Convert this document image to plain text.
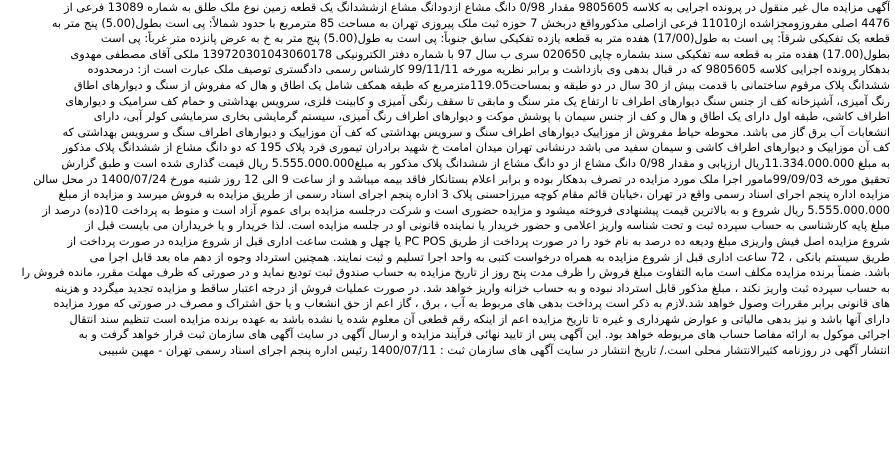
آگهی مزایده مال غیر منقول در پرونده اجرایی به کلاسه 9805605 مقدار 0/98 دانگ مشاع ازدودانگ مشاع ازششدانگ یک قطعه زمین نوع ملک طلق به شماره 13089 فرعی از
4476 اصلی مفروزومجزاشده از11010 فرعی ازاصلی مذکورواقع دربخش 7 حوزه ثبت ملک پیروزی تهران به مساحت 85 مترمربع با حدود شمالاً: پی است بطول(5.00) پنج متر به
قطعه یک تفکیکی شرقاً: پی است به طول(17/00) هفده متر به قطعه یازده تفکیکی سابق جنوباً: پی است به طول(5.00) پنج متر به خ به عرض پانزده متر غرباً: پی است
بطول(17.00) هفده متر به قطعه سه تفکیکی سند بشماره چاپی 020650 سری ب سال 97 با شماره دفتر الکترونیکی 139720301043060178 ملکی آقای مصطفی مهدوی
بدهکار پرونده اجرایی کلاسه 9805605 که در قبال بدهی وی بازداشت و برابر نظریه مورخه 99/11/11 کارشناس رسمی دادگستری توصیف ملک عبارت است از: درمحدوده
ششدانگ پلاک مرقوم ساختمانی با قدمت بیش از 30 سال در دو طبقه و بمساحت119.05مترمربع که طبقه همکف شامل یک اطاق و هال که مفروش از سنگ و دیوارهای اطاق
رنگ آمیزی، آشپزخانه کف از جنس سنگ دیوارهای اطراف تا ارتفاع یک متر سنگ و مابقی تا سقف رنگی آمیزی و کابینت فلزی، سرویس بهداشتی و حمام کف سرامیک و دیوارهای
اطراف کاشی، طبقه اول دارای یک اطاق و هال و کف از جنس سیمان با پوشش موکت و دیوارهای اطراف رنگ آمیزی، سیستم گرمایشی بخاری سرمایشی کولر آبی، دارای
انشعابات آب برق گاز می باشد. محوطه حیاط مفروش از موزاییک دیوارهای اطراف سنگ و سرویس بهداشتی که کف آن موزاییک و دیوارهای اطراف سنگ و سرویس بهداشتی که
کف آن موزاییک و دیوارهای اطراف کاشی و سیمان سفید می باشد درنشانی تهران میدان امامت خ شهید برادران تیموری فرد پلاک 195 که دو دانگ مشاع از ششدانگ پلاک مذکور
به مبلغ 11.334.000.000ریال ارزیابی و مقدار 0/98 دانگ مشاع از دو دانگ مشاع از ششدانگ پلاک مذکور به مبلغ5.555.000.000 ریال قیمت گذاری شده است و طبق گزارش
تحقیق مورخه 99/09/03مامور اجرا ملک مورد مزایده در تصرف بدهکار بوده و برابر اعلام بستانکار فاقد بیمه میباشد و از ساعت 9 الی 12 روز شنبه مورخ 1400/07/24 در محل سالن
مزایده اداره پنجم اجرای اسناد رسمی واقع در تهران ،خیابان قائم مقام کوچه میرزاحسنی پلاک 3 اداره پنجم اجرای اسناد رسمی از طریق مزایده به فروش میرسد و مزایده از مبلغ
5.555.000.000 ریال شروع و به بالاترین قیمت پیشنهادی فروخته میشود و مزایده حضوری است و شرکت درجلسه مزایده برای عموم آزاد است و منوط به پرداخت 10(ده) درصد از
مبلغ پایه کارشناسی به حساب سپرده ثبت و تحت شناسه واریز اعلامی و حضور خریدار یا نماینده قانونی او در جلسه مزایده است. لذا خریدار و یا خریداران می بایست قبل از
شروع مزایده اصل فیش واریزی مبلغ ودیعه ده درصد به نام خود را در صورت پرداخت از طریق PC POS یا چهل و هشت ساعت اداری قبل از شروع مزایده در صورت پرداخت از
طریق سیستم بانکی ، 72 ساعت اداری قبل از شروع مزایده به همراه درخواست کتبی به واحد اجرا تسلیم و ثبت نمایند. همچنین استرداد وجوه از دهم ماه بعد قابل اجرا می
باشد. ضمناً برنده مزایده مکلف است مابه التفاوت مبلغ فروش را ظرف مدت پنج روز از تاریخ مزایده به حساب صندوق ثبت تودیع نماید و در صورتی که ظرف مهلت مقرر، مانده فروش را
به حساب سپرده ثبت واریز نکند ، مبلغ مذکور قابل استرداد نبوده و به حساب خزانه واریز خواهد شد. در صورت عملیات فروش از درجه اعتبار ساقط و مزایده تجدید میگردد و هزینه
های قانونی برابر مقررات وصول خواهد شد.لازم به ذکر است پرداخت بدهی های مربوط به آب ، برق ، گاز اعم از حق انشعاب و یا حق اشتراک و مصرف در صورتی که مورد مزایده
دارای آنها باشد و نیز بدهی مالیاتی و عوارض شهرداری و غیره تا تاریخ مزایده اعم از اینکه رقم قطعی آن معلوم شده یا نشده باشد به عهده برنده مزایده است تنظیم سند انتقال
اجرائی موکول به ارائه مفاصا حساب های مربوطه خواهد بود. این آگهی پس از تایید نهائی فرآیند مزایده و ارسال آگهی در سایت آگهی های سازمان ثبت قرار خواهد گرفت و به
انتشار آگهی در روزنامه کثیرالانتشار محلی است./ تاریخ انتشار در سایت آگهی های سازمان ثبت : 1400/07/11 رئیس اداره پنجم اجرای اسناد رسمی تهران - مهین شبیبی
